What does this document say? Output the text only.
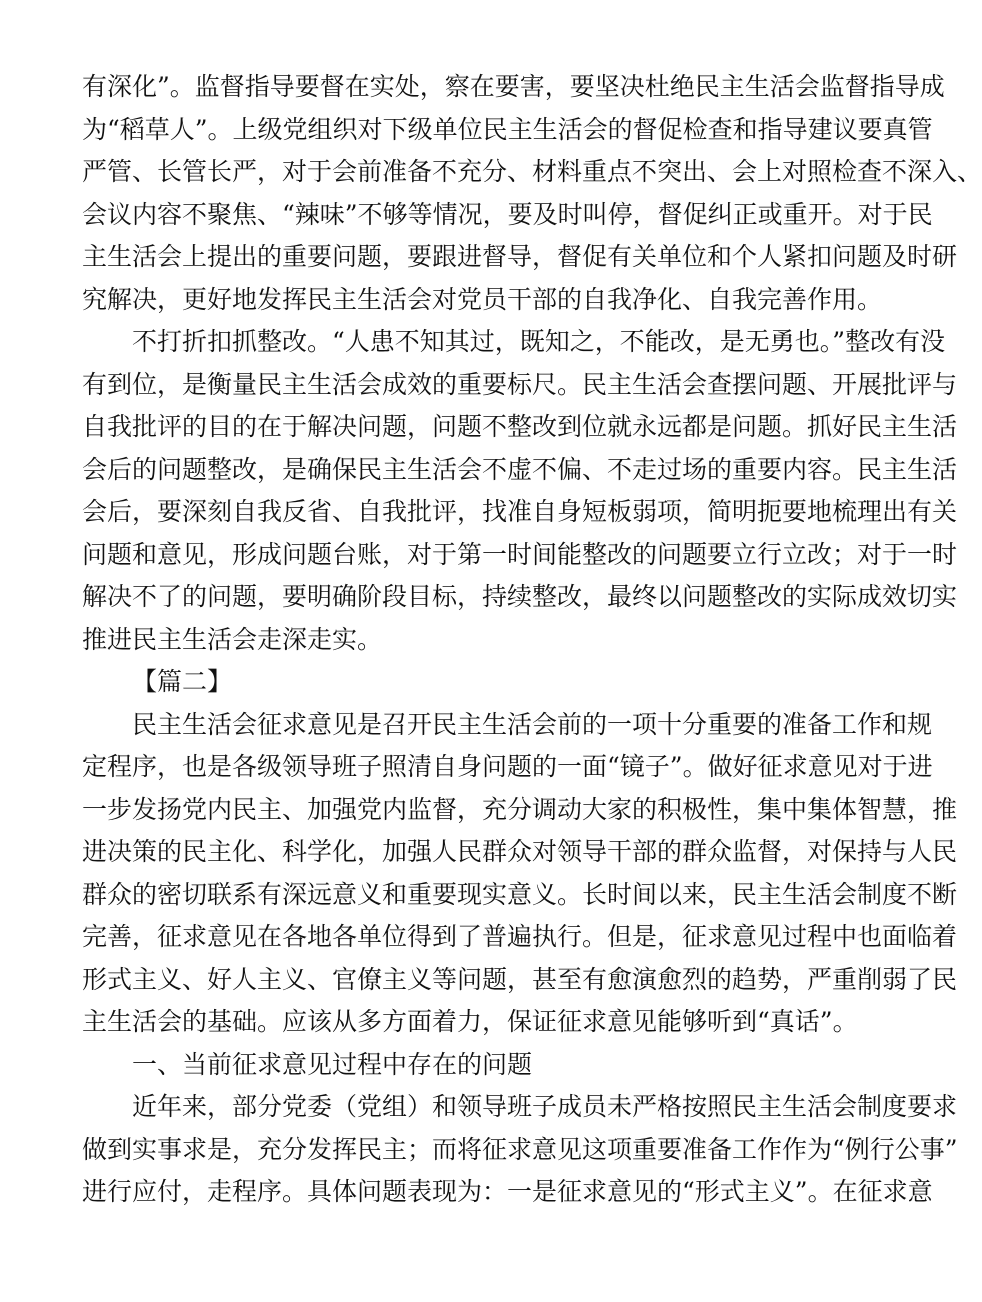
有深化”。监督指导要督在实处，察在要害，要坚决杜绝民主生活会监督指导成
为“稻草人”。上级党组织对下级单位民主生活会的督促检查和指导建议要真管
严管、长管长严，对于会前准备不充分、材料重点不突出、会上对照检查不深入、
会议内容不聚焦、“辣味”不够等情况，要及时叫停，督促纠正或重开。对于民
主生活会上提出的重要问题，要跟进督导，督促有关单位和个人紧扣问题及时研
究解决，更好地发挥民主生活会对党员干部的自我净化、自我完善作用。
不打折扣抓整改。“人患不知其过，既知之，不能改，是无勇也。”整改有没
有到位，是衡量民主生活会成效的重要标尺。民主生活会查摆问题、开展批评与
自我批评的目的在于解决问题，问题不整改到位就永远都是问题。抓好民主生活
会后的问题整改，是确保民主生活会不虚不偏、不走过场的重要内容。民主生活
会后，要深刻自我反省、自我批评，找准自身短板弱项，简明扼要地梳理出有关
问题和意见，形成问题台账，对于第一时间能整改的问题要立行立改；对于一时
解决不了的问题，要明确阶段目标，持续整改，最终以问题整改的实际成效切实
推进民主生活会走深走实。
【篇二】
民主生活会征求意见是召开民主生活会前的一项十分重要的准备工作和规
定程序，也是各级领导班子照清自身问题的一面“镜子”。做好征求意见对于进
一步发扬党内民主、加强党内监督，充分调动大家的积极性，集中集体智慧，推
进决策的民主化、科学化，加强人民群众对领导干部的群众监督，对保持与人民
群众的密切联系有深远意义和重要现实意义。长时间以来，民主生活会制度不断
完善，征求意见在各地各单位得到了普遍执行。但是，征求意见过程中也面临着
形式主义、好人主义、官僚主义等问题，甚至有愈演愈烈的趋势，严重削弱了民
主生活会的基础。应该从多方面着力，保证征求意见能够听到“真话”。
一、当前征求意见过程中存在的问题
近年来，部分党委（党组）和领导班子成员未严格按照民主生活会制度要求
做到实事求是，充分发挥民主；而将征求意见这项重要准备工作作为“例行公事”
进行应付，走程序。具体问题表现为：一是征求意见的“形式主义”。在征求意
